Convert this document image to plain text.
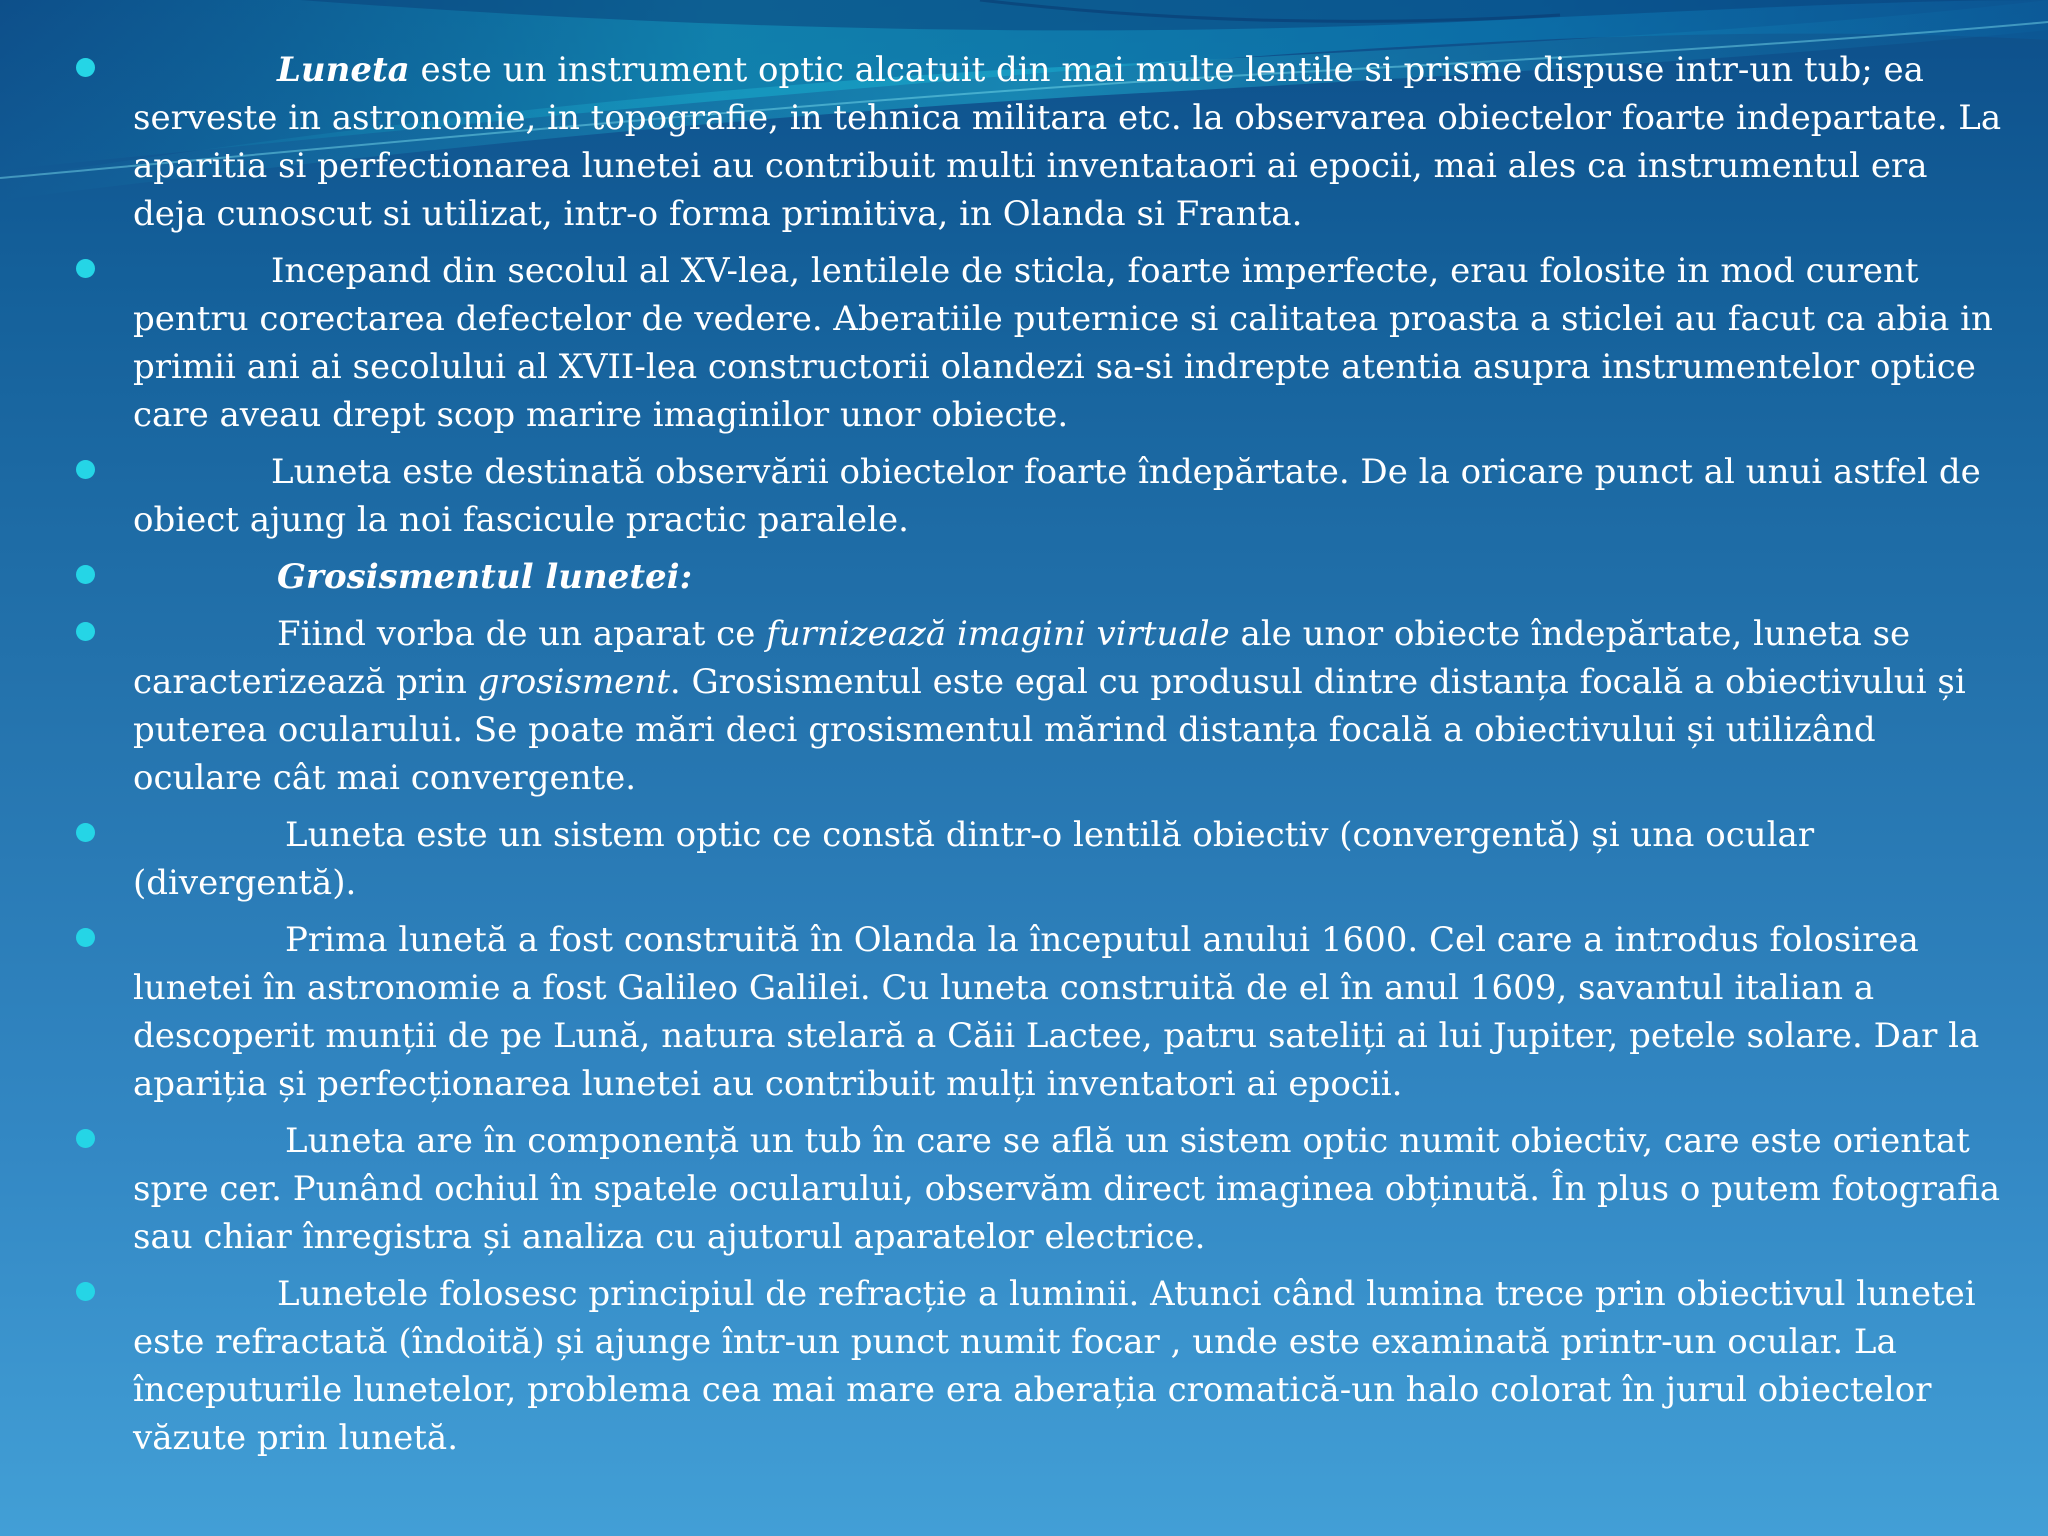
Luneta este un instrument optic alcatuit din mai multe lentile si prisme dispuse intr-un tub; ea serveste in astronomie, in topografie, in tehnica militara etc. la observarea obiectelor foarte indepartate. La aparitia si perfectionarea lunetei au contribuit multi inventataori ai epocii, mai ales ca instrumentul era deja cunoscut si utilizat, intr-o forma primitiva, in Olanda si Franta.
Incepand din secolul al XV-lea, lentilele de sticla, foarte imperfecte, erau folosite in mod curent pentru corectarea defectelor de vedere. Aberatiile puternice si calitatea proasta a sticlei au facut ca abia in primii ani ai secolului al XVII-lea constructorii olandezi sa-si indrepte atentia asupra instrumentelor optice care aveau drept scop marire imaginilor unor obiecte.
Luneta este destinată observării obiectelor foarte îndepărtate. De la oricare punct al unui astfel de obiect ajung la noi fascicule practic paralele.
Grosismentul lunetei:
Fiind vorba de un aparat ce furnizează imagini virtuale ale unor obiecte îndepărtate, luneta se caracterizează prin grosisment. Grosismentul este egal cu produsul dintre distanța focală a obiectivului și puterea ocularului. Se poate mări deci grosismentul mărind distanța focală a obiectivului și utilizând oculare cât mai convergente.
Luneta este un sistem optic ce constă dintr-o lentilă obiectiv (convergentă) și una ocular (divergentă).
Prima lunetă a fost construită în Olanda la începutul anului 1600. Cel care a introdus folosirea lunetei în astronomie a fost Galileo Galilei. Cu luneta construită de el în anul 1609, savantul italian a descoperit munții de pe Lună, natura stelară a Căii Lactee, patru sateliți ai lui Jupiter, petele solare. Dar la apariția și perfecționarea lunetei au contribuit mulți inventatori ai epocii.
Luneta are în componență un tub în care se află un sistem optic numit obiectiv, care este orientat spre cer. Punând ochiul în spatele ocularului, observăm direct imaginea obținută. În plus o putem fotografia sau chiar înregistra și analiza cu ajutorul aparatelor electrice.
Lunetele folosesc principiul de refracție a luminii. Atunci când lumina trece prin obiectivul lunetei este refractată (îndoită) și ajunge într-un punct numit focar , unde este examinată printr-un ocular. La începuturile lunetelor, problema cea mai mare era aberația cromatică-un halo colorat în jurul obiectelor văzute prin lunetă.
